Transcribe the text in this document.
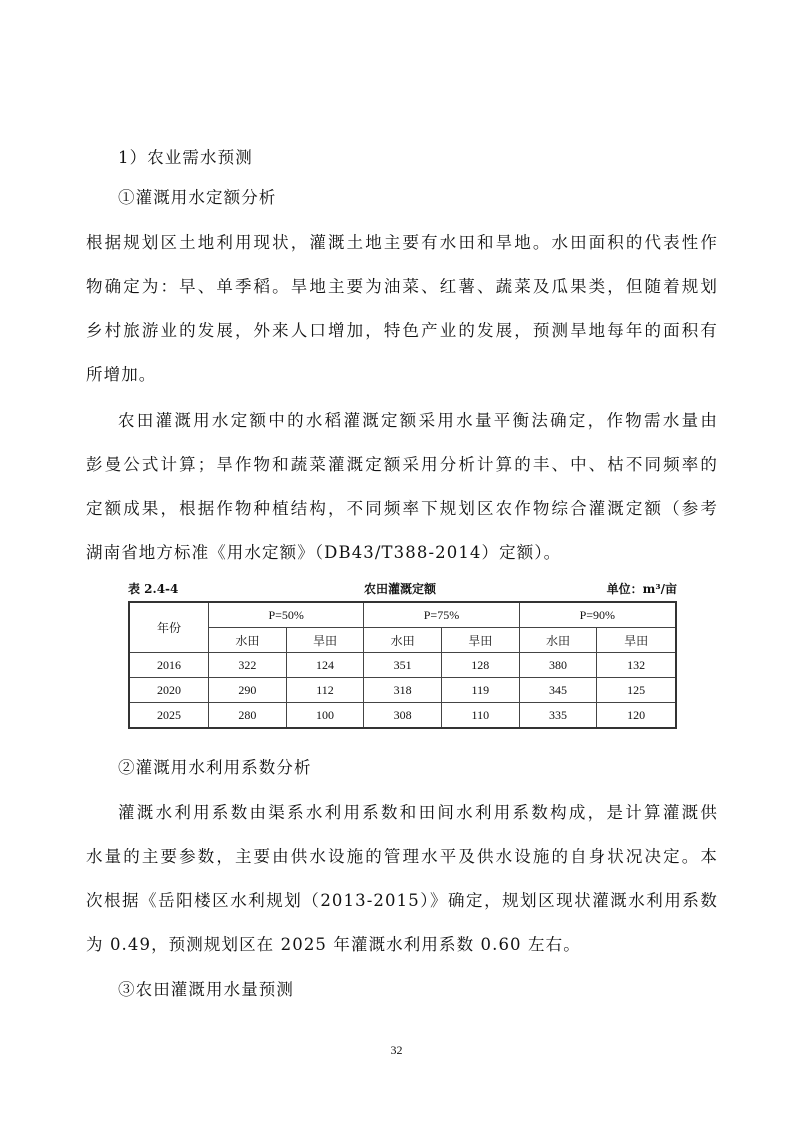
1）农业需水预测
①灌溉用水定额分析
根据规划区土地利用现状，灌溉土地主要有水田和旱地。水田面积的代表性作
物确定为：早、单季稻。旱地主要为油菜、红薯、蔬菜及瓜果类，但随着规划
乡村旅游业的发展，外来人口增加，特色产业的发展，预测旱地每年的面积有
所增加。
农田灌溉用水定额中的水稻灌溉定额采用水量平衡法确定，作物需水量由
彭曼公式计算；旱作物和蔬菜灌溉定额采用分析计算的丰、中、枯不同频率的
定额成果，根据作物种植结构，不同频率下规划区农作物综合灌溉定额（参考
湖南省地方标准《用水定额》（DB43/T388-2014）定额）。
表 2.4-4	农田灌溉定额	单位：m³/亩
年份	P=50%		P=75%		P=90%	
	水田	旱田	水田	旱田	水田	旱田
2016	322	124	351	128	380	132
2020	290	112	318	119	345	125
2025	280	100	308	110	335	120
②灌溉用水利用系数分析
灌溉水利用系数由渠系水利用系数和田间水利用系数构成，是计算灌溉供
水量的主要参数，主要由供水设施的管理水平及供水设施的自身状况决定。本
次根据《岳阳楼区水利规划（2013-2015）》确定，规划区现状灌溉水利用系数
为 0.49，预测规划区在 2025 年灌溉水利用系数 0.60 左右。
③农田灌溉用水量预测
32
